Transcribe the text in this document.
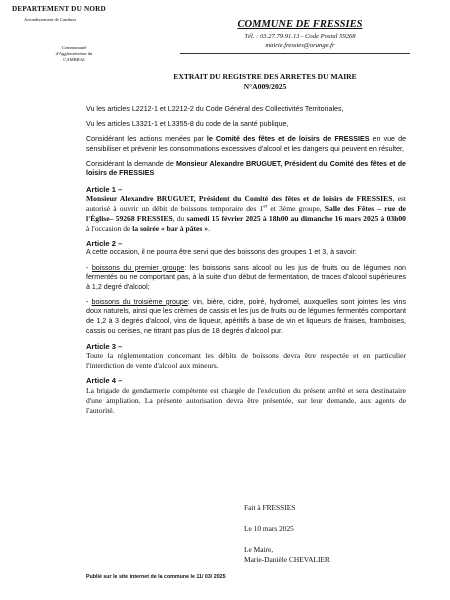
DEPARTEMENT DU NORD
Arrondissement de Cambrai
Communauté
d'Agglomération du
CAMBRAI
COMMUNE DE FRESSIES
Tél. : 03.27.79.91.13 - Code Postal 59268
mairie.fressies@orange.fr
EXTRAIT DU REGISTRE DES ARRETES DU MAIRE
N°A009/2025

Vu les articles L2212-1 et L2212-2 du Code Général des Collectivités Territoriales,

Vu les articles L3321-1 et L3355-8 du code de la santé publique,

Considérant les actions menées par le Comité des fêtes et de loisirs de FRESSIES en vue de sensibiliser et prévenir les consommations excessives d'alcool et les dangers qui peuvent en résulter,

Considérant la demande de Monsieur Alexandre BRUGUET, Président du Comité des fêtes et de loisirs de FRESSIES

Article 1 –

Monsieur Alexandre BRUGUET, Président du Comité des fêtes et de loisirs de FRESSIES, est autorisé à ouvrir un débit de boissons temporaire des 1er et 3ème groupe, Salle des Fêtes – rue de l'Église– 59268 FRESSIES, du samedi 15 février 2025 à 18h00 au dimanche 16 mars 2025 à 03h00 à l'occasion de la soirée « bar à pâtes ».

Article 2 –

A cette occasion, il ne pourra être servi que des boissons des groupes 1 et 3, à savoir:

- boissons du premier groupe: les boissons sans alcool ou les jus de fruits ou de légumes non fermentés ou ne comportant pas, à la suite d'un début de fermentation, de traces d'alcool supérieures à 1,2 degré d'alcool;

- boissons du troisième groupe: vin, bière, cidre, poiré, hydromel, auxquelles sont jointes les vins doux naturels, ainsi que les crèmes de cassis et les jus de fruits ou de légumes fermentés comportant de 1,2 à 3 degrés d'alcool, vins de liqueur, apéritifs à base de vin et liqueurs de fraises, framboises, cassis ou cerises, ne titrant pas plus de 18 degrés d'alcool pur.

Article 3 –

Toute la réglementation concernant les débits de boissons devra être respectée et en particulier l'interdiction de vente d'alcool aux mineurs.

Article 4 –

La brigade de gendarmerie compétente est chargée de l'exécution du présent arrêté et sera destinataire d'une ampliation. La présente autorisation devra être présentée, sur leur demande, aux agents de l'autorité.

Fait à FRESSIES
Le 10 mars 2025
Le Maire,
Marie-Danièle CHEVALIER
Publié sur le site internet de la commune le 11/ 03/ 2025
